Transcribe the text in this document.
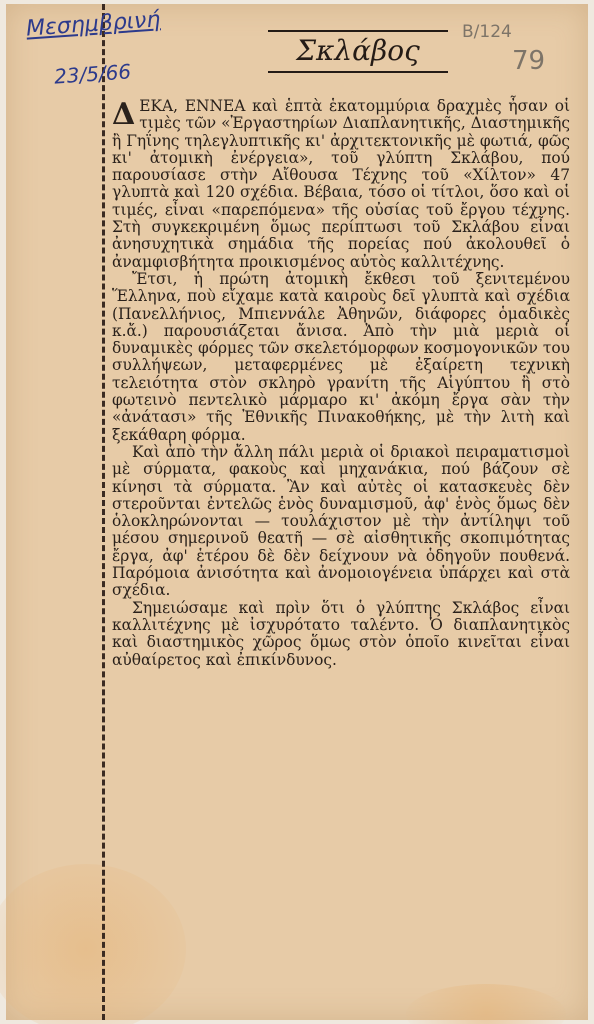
Μεσημβρινή
23/5/66
Β/124
79
Σκλάβος

ΔΕΚΑ, ΕΝΝΕΑ καὶ ἑπτὰ ἑκατομμύρια δραχμὲς ἦσαν οἱ τιμὲς τῶν «Ἐργαστηρίων Διαπλανητικῆς, Διαστημικῆς ἢ Γηΐνης τηλεγλυπτικῆς κι' ἀρχιτεκτονικῆς μὲ φωτιά, φῶς κι' ἀτομικὴ ἐνέργεια», τοῦ γλύπτη Σκλάβου, πού παρουσίασε στὴν Αἴθουσα Τέχνης τοῦ «Χίλτον» 47 γλυπτὰ καὶ 120 σχέδια. Βέβαια, τόσο οἱ τίτλοι, ὅσο καὶ οἱ τιμές, εἶναι «παρεπόμενα» τῆς οὐσίας τοῦ ἔργου τέχνης. Στὴ συγκεκριμένη ὅμως περίπτωσι τοῦ Σκλάβου εἶναι ἀνησυχητικὰ σημάδια τῆς πορείας πού ἀκολουθεῖ ὁ ἀναμφισβήτητα προικισμένος αὐτὸς καλλιτέχνης.

Ἔτσι, ἡ πρώτη ἀτομικὴ ἔκθεσι τοῦ ξενιτεμένου Ἕλληνα, ποὺ εἴχαμε κατὰ καιροὺς δεῖ γλυπτὰ καὶ σχέδια (Πανελλήνιος, Μπιεννάλε Ἀθηνῶν, διάφορες ὁμαδικὲς κ.ἄ.) παρουσιάζεται ἄνισα. Ἀπὸ τὴν μιὰ μεριὰ οἱ δυναμικὲς φόρμες τῶν σκελετόμορφων κοσμογονικῶν του συλλήψεων, μεταφερμένες μὲ ἐξαίρετη τεχνικὴ τελειότητα στὸν σκληρὸ γρανίτη τῆς Αἰγύπτου ἢ στὸ φωτεινὸ πεντελικὸ μάρμαρο κι' ἀκόμη ἔργα σὰν τὴν «ἀνάτασι» τῆς Ἐθνικῆς Πινακοθήκης, μὲ τὴν λιτὴ καὶ ξεκάθαρη φόρμα.

Καὶ ἀπὸ τὴν ἄλλη πάλι μεριὰ οἱ δριακοὶ πειραματισμοὶ μὲ σύρματα, φακοὺς καὶ μηχανάκια, πού βάζουν σὲ κίνησι τὰ σύρματα. Ἂν καὶ αὐτὲς οἱ κατασκευὲς δὲν στεροῦνται ἐντελῶς ἑνὸς δυναμισμοῦ, ἀφ' ἑνὸς ὅμως δὲν ὁλοκληρώνονται — τουλάχιστον μὲ τὴν ἀντίληψι τοῦ μέσου σημερινοῦ θεατῆ — σὲ αἰσθητικῆς σκοπιμότητας ἔργα, ἀφ' ἑτέρου δὲ δὲν δείχνουν νὰ ὁδηγοῦν πουθενά. Παρόμοια ἀνισότητα καὶ ἀνομοιογένεια ὑπάρχει καὶ στὰ σχέδια.

Σημειώσαμε καὶ πρὶν ὅτι ὁ γλύπτης Σκλάβος εἶναι καλλιτέχνης μὲ ἰσχυρότατο ταλέντο. Ὁ διαπλανητικὸς καὶ διαστημικὸς χῶρος ὅμως στὸν ὁποῖο κινεῖται εἶναι αὐθαίρετος καὶ ἐπικίνδυνος.
